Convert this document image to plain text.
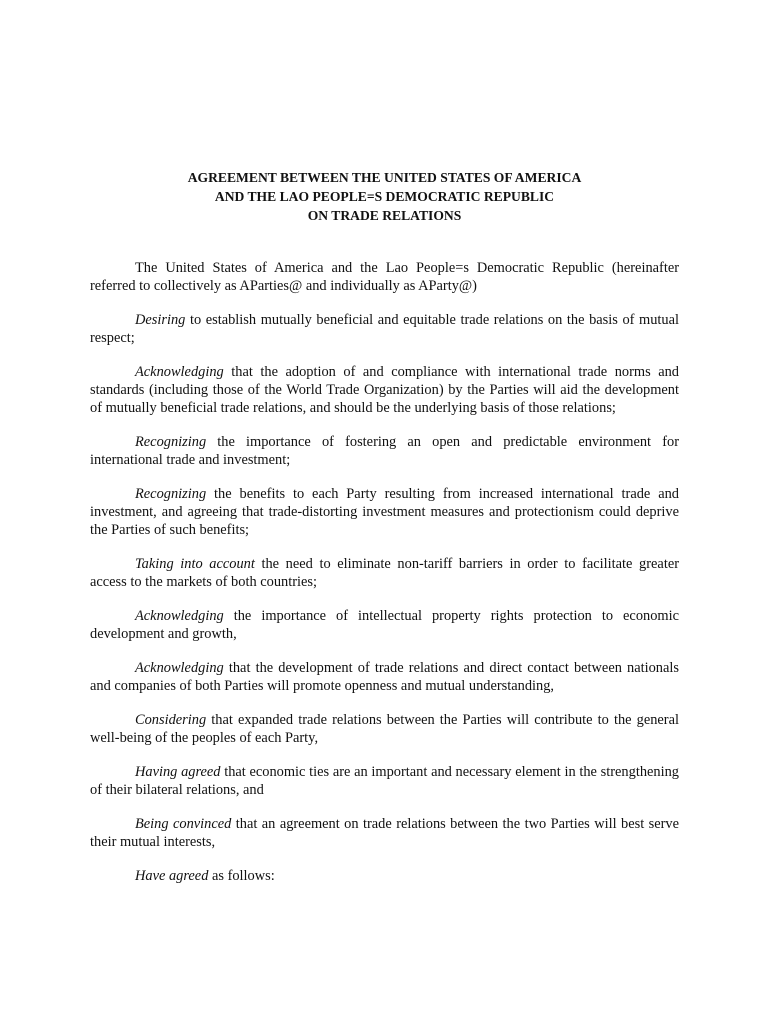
AGREEMENT BETWEEN THE UNITED STATES OF AMERICA
AND THE LAO PEOPLE=S DEMOCRATIC REPUBLIC
ON TRADE RELATIONS

The United States of America and the Lao People=s Democratic Republic (hereinafter referred to collectively as AParties@ and individually as AParty@)

Desiring to establish mutually beneficial and equitable trade relations on the basis of mutual respect;

Acknowledging that the adoption of and compliance with international trade norms and standards (including those of the World Trade Organization) by the Parties will aid the development of mutually beneficial trade relations, and should be the underlying basis of those relations;

Recognizing the importance of fostering an open and predictable environment for international trade and investment;

Recognizing the benefits to each Party resulting from increased international trade and investment, and agreeing that trade-distorting investment measures and protectionism could deprive the Parties of such benefits;

Taking into account the need to eliminate non-tariff barriers in order to facilitate greater access to the markets of both countries;

Acknowledging the importance of intellectual property rights protection to economic development and growth,

Acknowledging that the development of trade relations and direct contact between nationals and companies of both Parties will promote openness and mutual understanding,

Considering that expanded trade relations between the Parties will contribute to the general well-being of the peoples of each Party,

Having agreed that economic ties are an important and necessary element in the strengthening of their bilateral relations, and

Being convinced that an agreement on trade relations between the two Parties will best serve their mutual interests,

Have agreed as follows:
